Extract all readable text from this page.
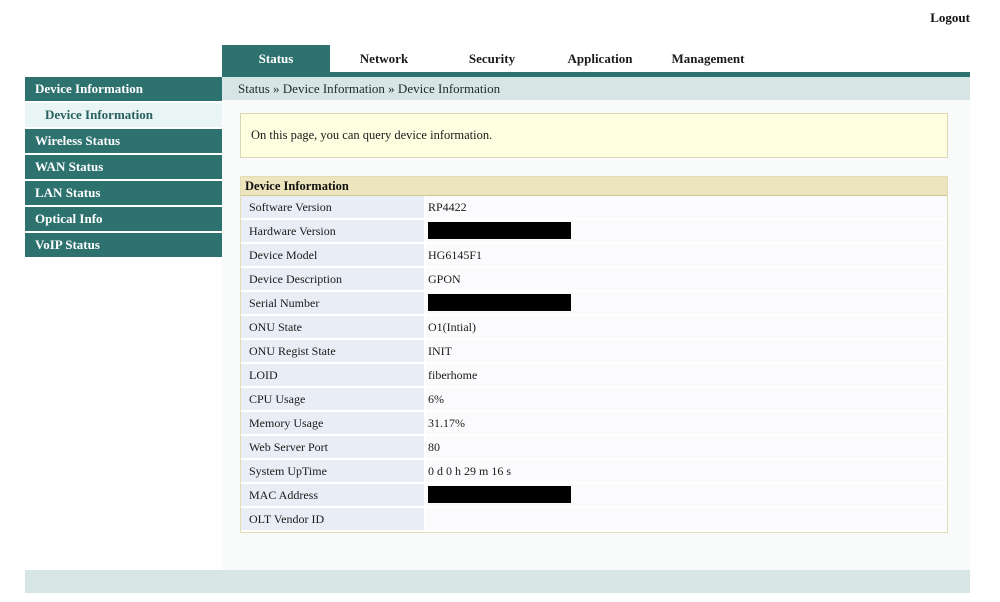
Logout
Status	Network	Security	Application	Management
Status » Device Information » Device Information
Device Information
Device Information
Wireless Status
WAN Status
LAN Status
Optical Info
VoIP Status
On this page, you can query device information.
Device Information
Software Version	RP4422
Hardware Version
Device Model	HG6145F1
Device Description	GPON
Serial Number
ONU State	O1(Intial)
ONU Regist State	INIT
LOID	fiberhome
CPU Usage	6%
Memory Usage	31.17%
Web Server Port	80
System UpTime	0 d 0 h 29 m 16 s
MAC Address
OLT Vendor ID
